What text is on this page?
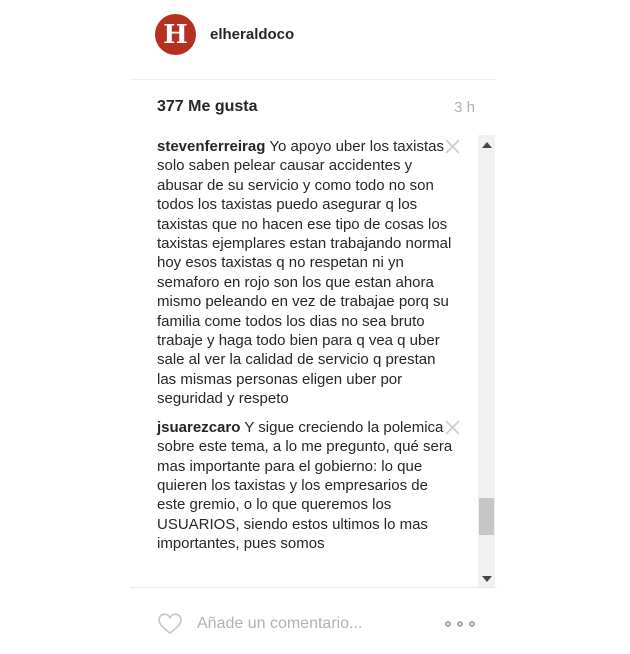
H elheraldoco
377 Me gusta	3 h
stevenferreirag Yo apoyo uber los taxistas solo saben pelear causar accidentes y abusar de su servicio y como todo no son todos los taxistas puedo asegurar q los taxistas que no hacen ese tipo de cosas los taxistas ejemplares estan trabajando normal hoy esos taxistas q no respetan ni yn semaforo en rojo son los que estan ahora mismo peleando en vez de trabajae porq su familia come todos los dias no sea bruto trabaje y haga todo bien para q vea q uber sale al ver la calidad de servicio q prestan las mismas personas eligen uber por seguridad y respeto
jsuarezcaro Y sigue creciendo la polemica sobre este tema, a lo me pregunto, qué sera mas importante para el gobierno: lo que quieren los taxistas y los empresarios de este gremio, o lo que queremos los USUARIOS, siendo estos ultimos lo mas importantes, pues somos
Añade un comentario...
